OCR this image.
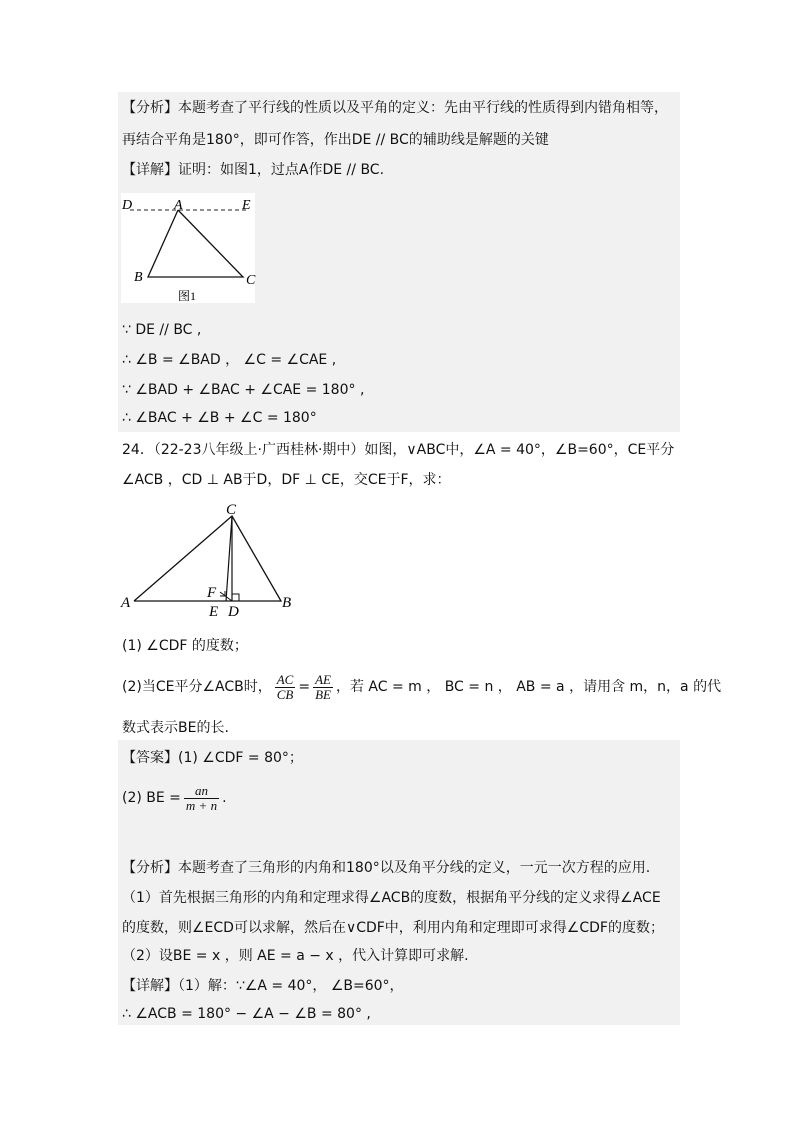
【分析】本题考查了平行线的性质以及平角的定义：先由平行线的性质得到内错角相等，
再结合平角是180°，即可作答，作出DE // BC的辅助线是解题的关键
【详解】证明：如图1，过点A作DE // BC.
D	A	E
B	C
图1
∵ DE // BC ,
∴ ∠B = ∠BAD ， ∠C = ∠CAE ,
∵ ∠BAD + ∠BAC + ∠CAE = 180° ,
∴ ∠BAC + ∠B + ∠C = 180°
24．（22-23八年级上·广西桂林·期中）如图，∨ABC中，∠A = 40°，∠B=60°，CE平分
∠ACB ，CD ⊥ AB于D，DF ⊥ CE，交CE于F，求：
C
F
A
E D
B
(1) ∠CDF 的度数；
(2)当CE平分∠ACB时， $\frac{AC}{CB} = \frac{AE}{BE}$ ，若 AC = m ， BC = n ， AB = a ，请用含 m，n，a 的代
数式表示BE的长.
【答案】(1) ∠CDF = 80°；
(2) BE = $\frac{an}{m + n}$ .
【分析】本题考查了三角形的内角和180°以及角平分线的定义，一元一次方程的应用.
（1）首先根据三角形的内角和定理求得∠ACB的度数，根据角平分线的定义求得∠ACE
的度数，则∠ECD可以求解，然后在∨CDF中，利用内角和定理即可求得∠CDF的度数；
（2）设BE = x ，则 AE = a − x ，代入计算即可求解.
【详解】（1）解：∵∠A = 40°， ∠B=60°，
∴ ∠ACB = 180° − ∠A − ∠B = 80° ,
